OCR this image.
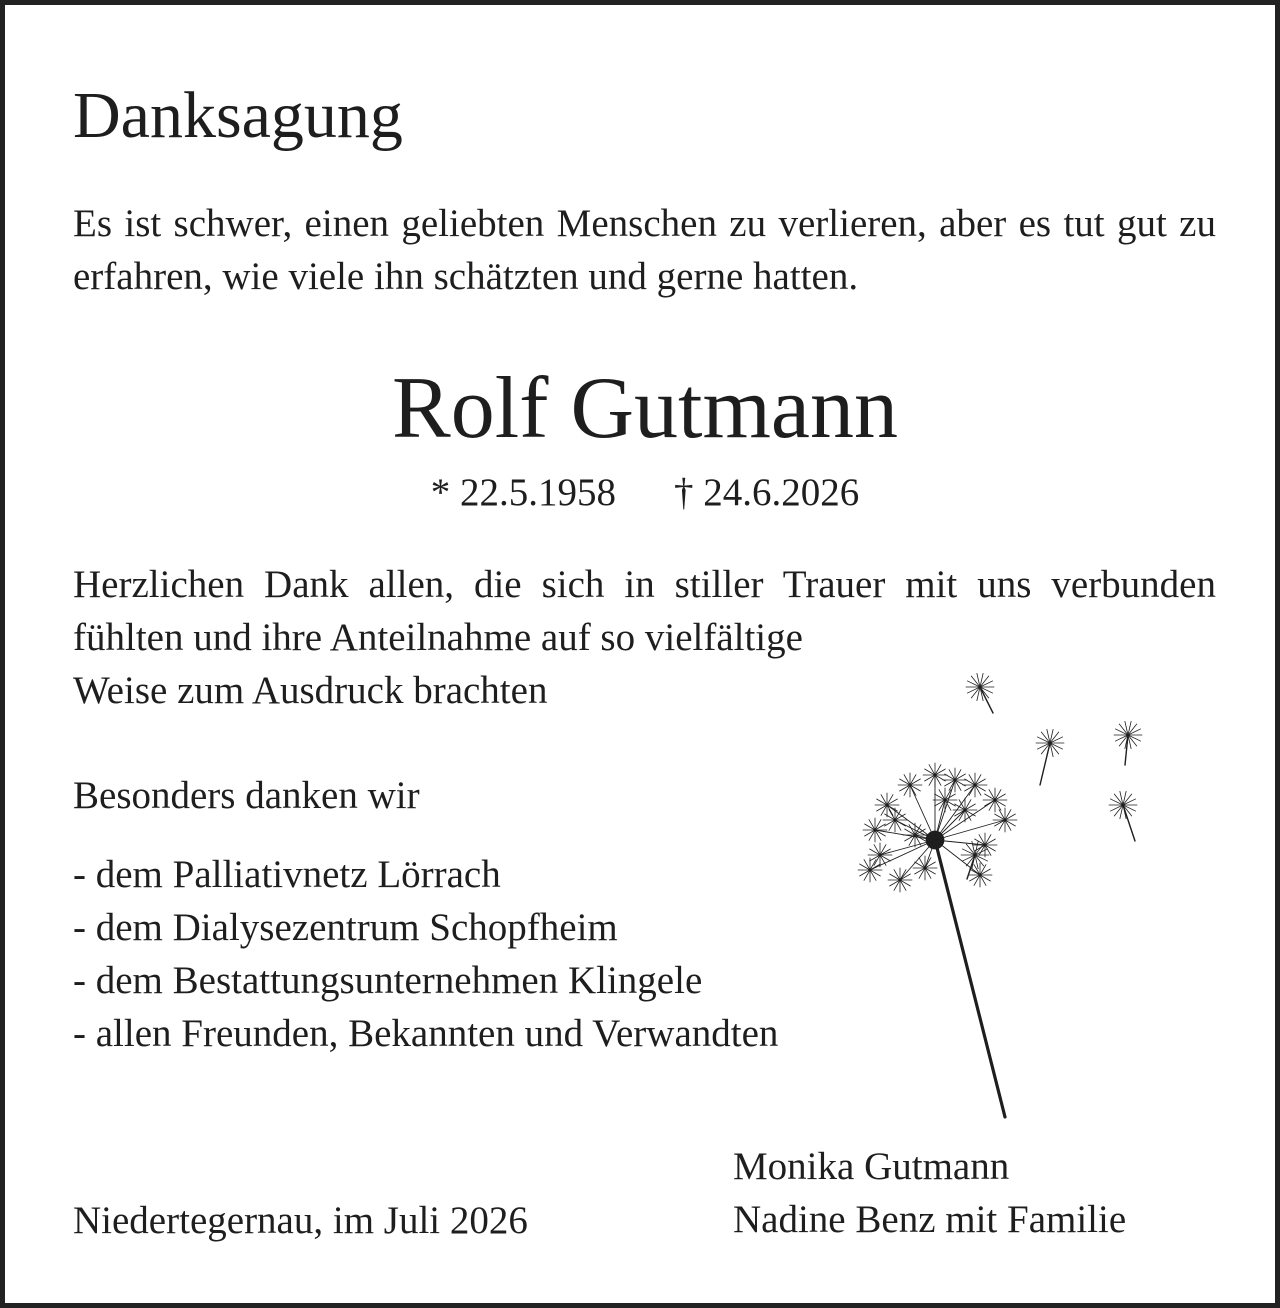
Danksagung

Es ist schwer, einen geliebten Menschen zu verlieren, aber es tut gut zu erfahren, wie viele ihn schätzten und gerne hatten.

Rolf Gutmann
* 22.5.1958 † 24.6.2026

Herzlichen Dank allen, die sich in stiller Trauer mit uns verbunden fühlten und ihre Anteilnahme auf so vielfältige

Weise zum Ausdruck brachten

Besonders danken wir

- dem Palliativnetz Lörrach
- dem Dialysezentrum Schopfheim
- dem Bestattungsunternehmen Klingele
- allen Freunden, Bekannten und Verwandten
Niedertegernau, im Juli 2026
Monika Gutmann
Nadine Benz mit Familie
